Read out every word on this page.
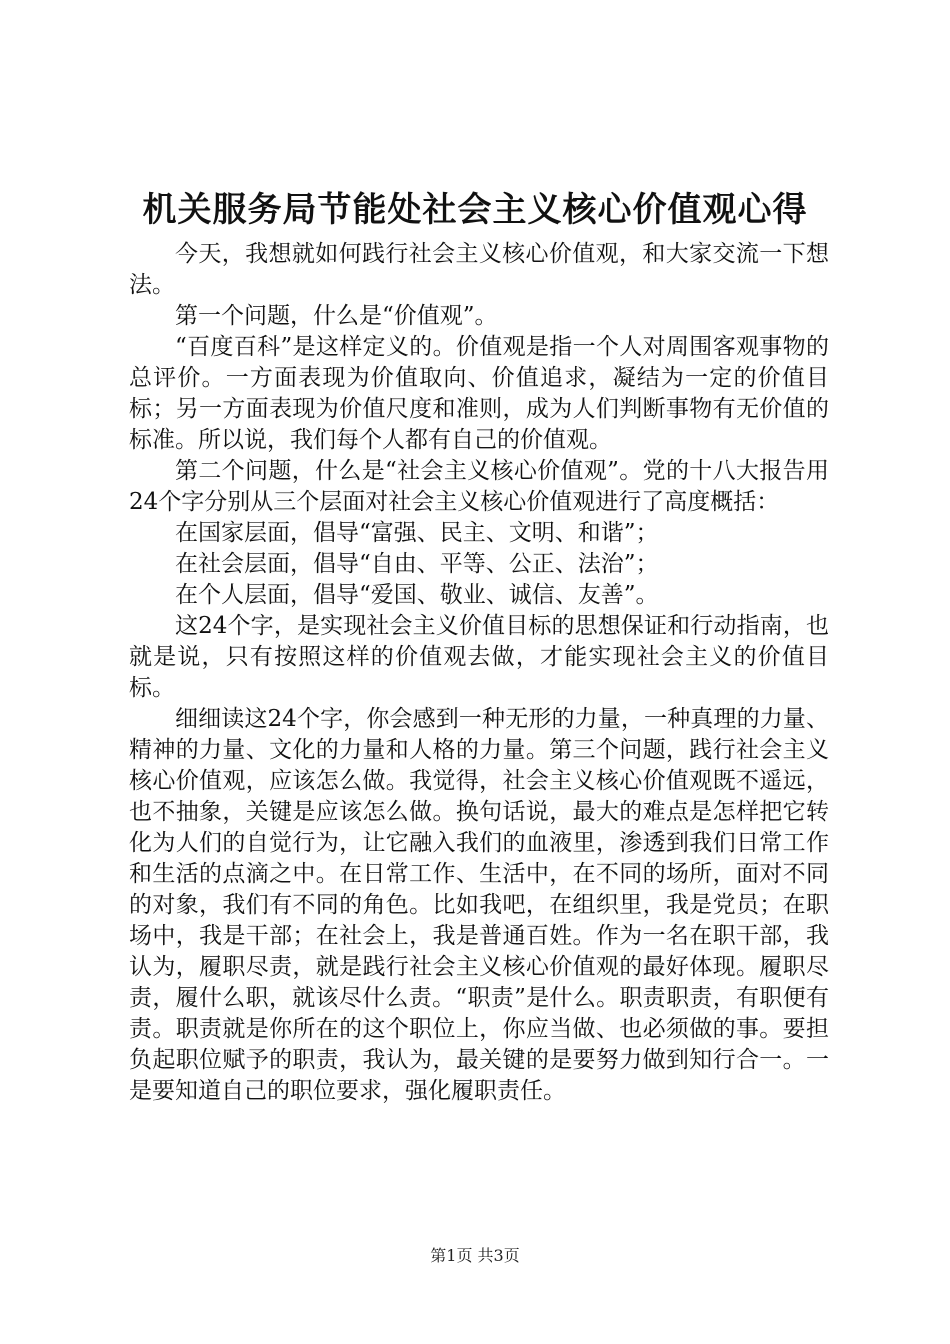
机关服务局节能处社会主义核心价值观心得

今天，我想就如何践行社会主义核心价值观，和大家交流一下想法。

第一个问题，什么是“价值观”。

“百度百科”是这样定义的。价值观是指一个人对周围客观事物的总评价。一方面表现为价值取向、价值追求，凝结为一定的价值目标；另一方面表现为价值尺度和准则，成为人们判断事物有无价值的标准。所以说，我们每个人都有自己的价值观。

第二个问题，什么是“社会主义核心价值观”。党的十八大报告用24个字分别从三个层面对社会主义核心价值观进行了高度概括：

在国家层面，倡导“富强、民主、文明、和谐”；

在社会层面，倡导“自由、平等、公正、法治”；

在个人层面，倡导“爱国、敬业、诚信、友善”。

这24个字，是实现社会主义价值目标的思想保证和行动指南，也就是说，只有按照这样的价值观去做，才能实现社会主义的价值目标。

细细读这24个字，你会感到一种无形的力量，一种真理的力量、精神的力量、文化的力量和人格的力量。第三个问题，践行社会主义核心价值观，应该怎么做。我觉得，社会主义核心价值观既不遥远，也不抽象，关键是应该怎么做。换句话说，最大的难点是怎样把它转化为人们的自觉行为，让它融入我们的血液里，渗透到我们日常工作和生活的点滴之中。在日常工作、生活中，在不同的场所，面对不同的对象，我们有不同的角色。比如我吧，在组织里，我是党员；在职场中，我是干部；在社会上，我是普通百姓。作为一名在职干部，我认为，履职尽责，就是践行社会主义核心价值观的最好体现。履职尽责，履什么职，就该尽什么责。“职责”是什么。职责职责，有职便有责。职责就是你所在的这个职位上，你应当做、也必须做的事。要担负起职位赋予的职责，我认为，最关键的是要努力做到知行合一。一是要知道自己的职位要求，强化履职责任。

第1页 共3页
